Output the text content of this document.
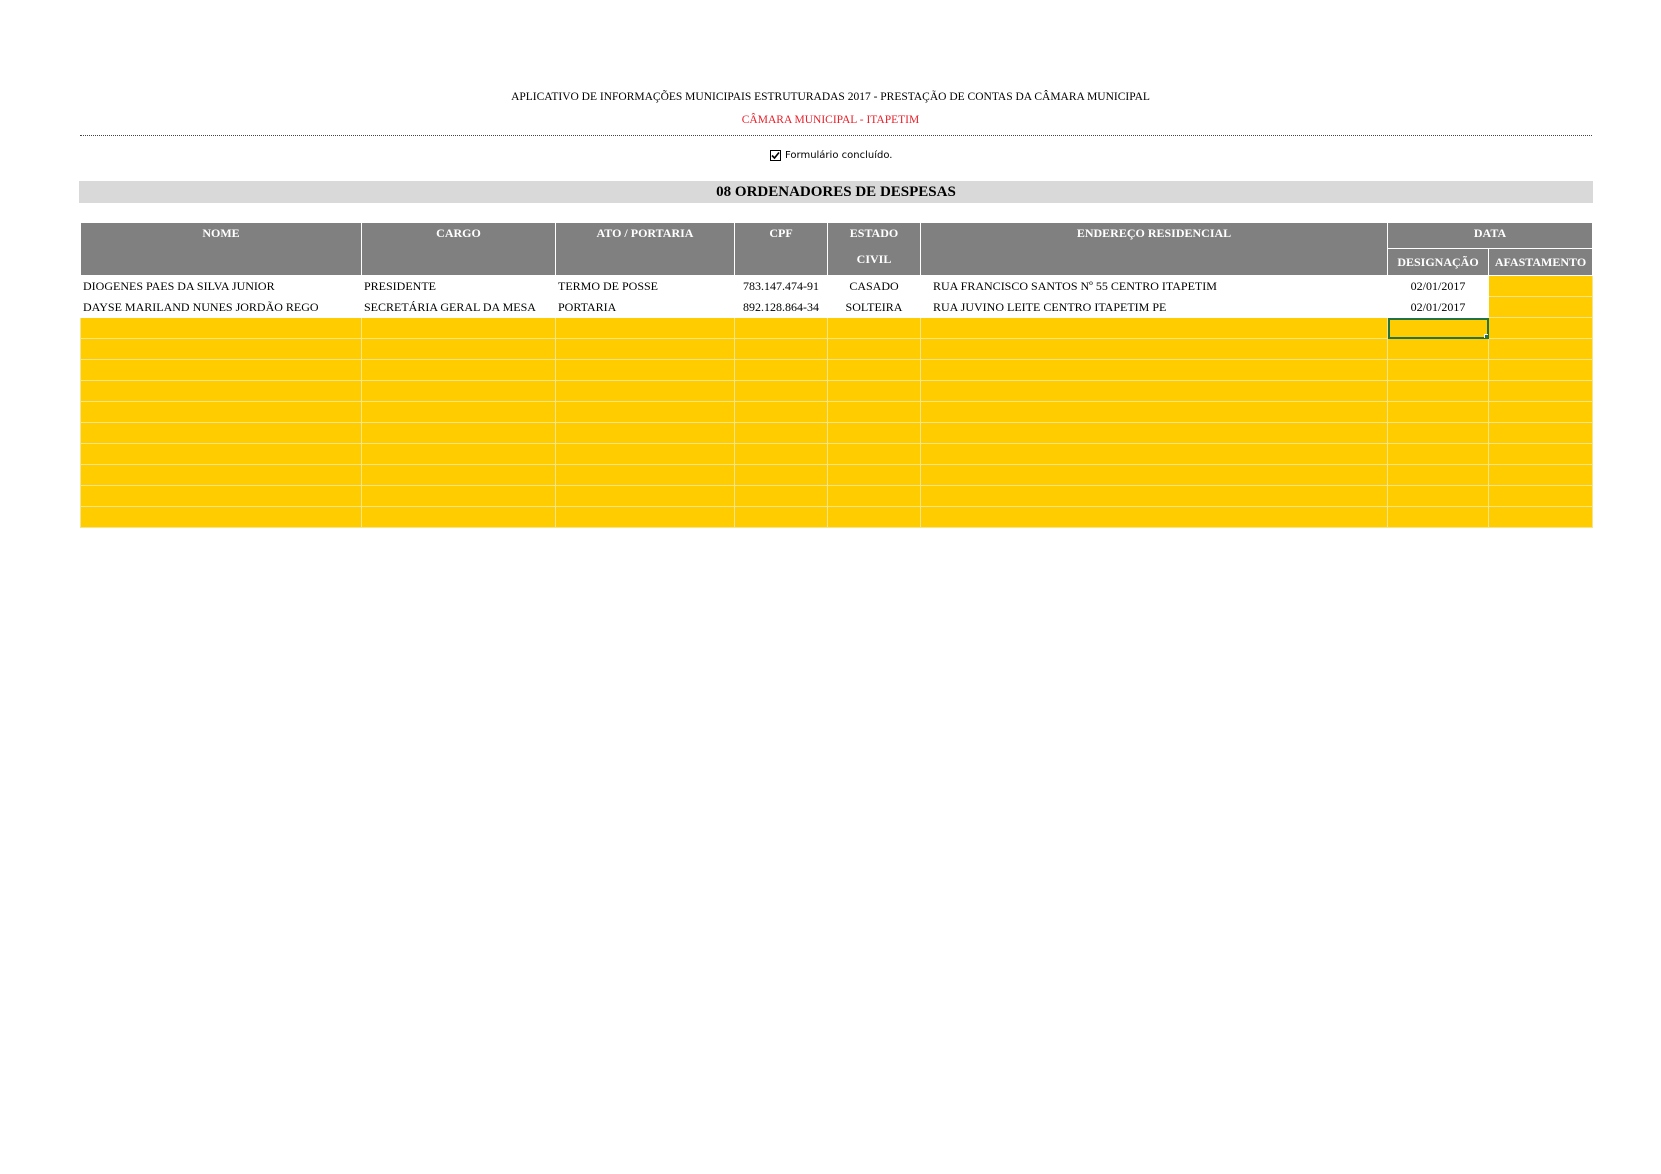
APLICATIVO DE INFORMAÇÕES MUNICIPAIS ESTRUTURADAS 2017 - PRESTAÇÃO DE CONTAS DA CÂMARA MUNICIPAL
CÂMARA MUNICIPAL - ITAPETIM
Formulário concluído.
08 ORDENADORES DE DESPESAS
NOME	CARGO	ATO / PORTARIA	CPF	ESTADO
CIVIL	ENDEREÇO RESIDENCIAL	DATA	
						DESIGNAÇÃO	AFASTAMENTO
DIOGENES PAES DA SILVA JUNIOR	PRESIDENTE	TERMO DE POSSE	783.147.474-91	CASADO	RUA FRANCISCO SANTOS Nº 55 CENTRO ITAPETIM	02/01/2017	
DAYSE MARILAND NUNES JORDÃO REGO	SECRETÁRIA GERAL DA MESA	PORTARIA	892.128.864-34	SOLTEIRA	RUA JUVINO LEITE CENTRO ITAPETIM PE	02/01/2017	
